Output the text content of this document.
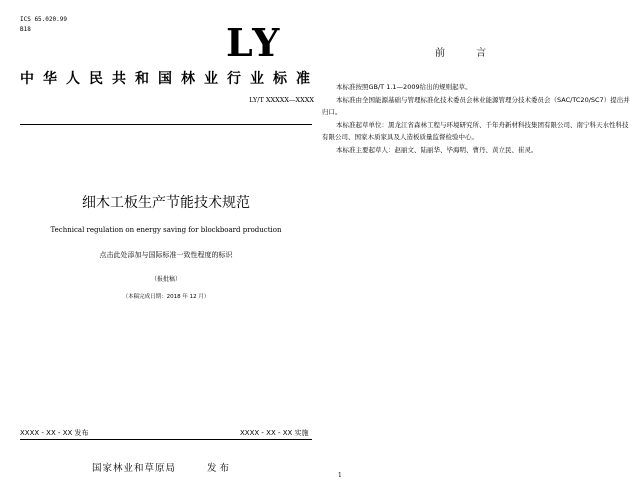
ICS 65.020.99
B18	LY
中华人民共和国林业行业标准
LY/T XXXXX—XXXX
细木工板生产节能技术规范
Technical regulation on energy saving for blockboard production
点击此处添加与国际标准一致性程度的标识
（报批稿）
（本稿完成日期：2018 年 12 月）
XXXX - XX - XX 发布	XXXX - XX - XX 实施
国家林业和草原局	发布
1
前 言
本标准按照GB/T 1.1—2009给出的规则起草。
本标准由全国能源基础与管理标准化技术委员会林业能源管理分技术委员会（SAC/TC20/SC7）提出并归口。
本标准起草单位：黑龙江省森林工程与环境研究所、千年舟新材科技集团有限公司、南宁科天水性科技有限公司、国家木质家具及人造板质量监督检验中心。
本标准主要起草人：赵丽文、陆丽华、毕海明、曹丹、黄立民、崔灵。
